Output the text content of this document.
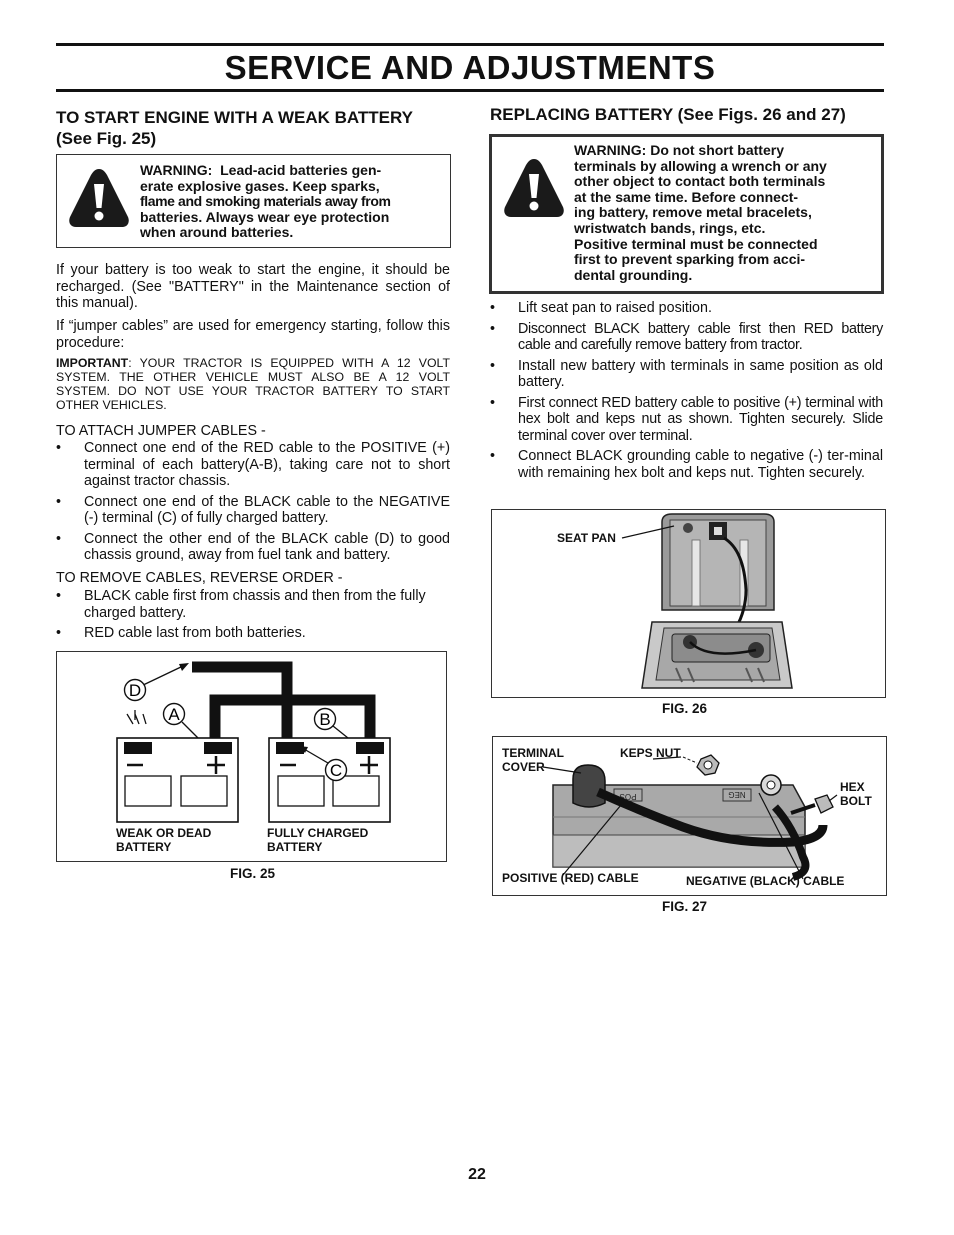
SERVICE AND ADJUSTMENTS
TO START ENGINE WITH A WEAK BATTERY
(See Fig. 25)
WARNING:  Lead-acid batteries gen-
erate explosive gases. Keep sparks,
flame and smoking materials away from
batteries. Always wear eye protection
when around batteries.

If your battery is too weak to start the engine, it should be recharged. (See "BATTERY" in the Maintenance section of this manual).

If “jumper cables” are used for emergency starting, follow this procedure:

IMPORTANT: YOUR TRACTOR IS EQUIPPED WITH A 12 VOLT SYSTEM. THE OTHER VEHICLE MUST ALSO BE A 12 VOLT SYSTEM. DO NOT USE YOUR TRACTOR BATTERY TO START OTHER VEHICLES.

TO ATTACH JUMPER CABLES -

• Connect one end of the RED cable to the POSITIVE (+) terminal of each battery(A-B), taking care not to short against tractor chassis.
• Connect one end of the BLACK cable to the NEGATIVE (-) terminal (C) of fully charged battery.
• Connect the other end of the BLACK cable (D) to good chassis ground, away from fuel tank and battery.

TO REMOVE CABLES, REVERSE ORDER -

• BLACK cable first from chassis and then from the fully charged battery.
• RED cable last from both batteries.
D
A	B
C
WEAK OR DEAD
BATTERY
FULLY CHARGED
BATTERY
FIG. 25
REPLACING BATTERY (See Figs. 26 and 27)
WARNING: Do not short battery
terminals by allowing a wrench or any
other object to contact both terminals
at the same time. Before connect-
ing battery, remove metal bracelets,
wristwatch bands, rings, etc.
Positive terminal must be connected
first to prevent sparking from acci-
dental grounding.
• Lift seat pan to raised position.
• Disconnect BLACK battery cable first then RED battery cable and carefully remove battery from tractor.
• Install new battery with terminals in same position as old battery.
• First connect RED battery cable to positive (+) terminal with hex bolt and keps nut as shown. Tighten securely. Slide terminal cover over terminal.
• Connect BLACK grounding cable to negative (-) ter-minal with remaining hex bolt and keps nut. Tighten securely.
SEAT PAN
FIG. 26
POS	NEG
TERMINAL
COVER
KEPS NUT
HEX
BOLT
POSITIVE (RED) CABLE	NEGATIVE (BLACK) CABLE
FIG. 27
22
